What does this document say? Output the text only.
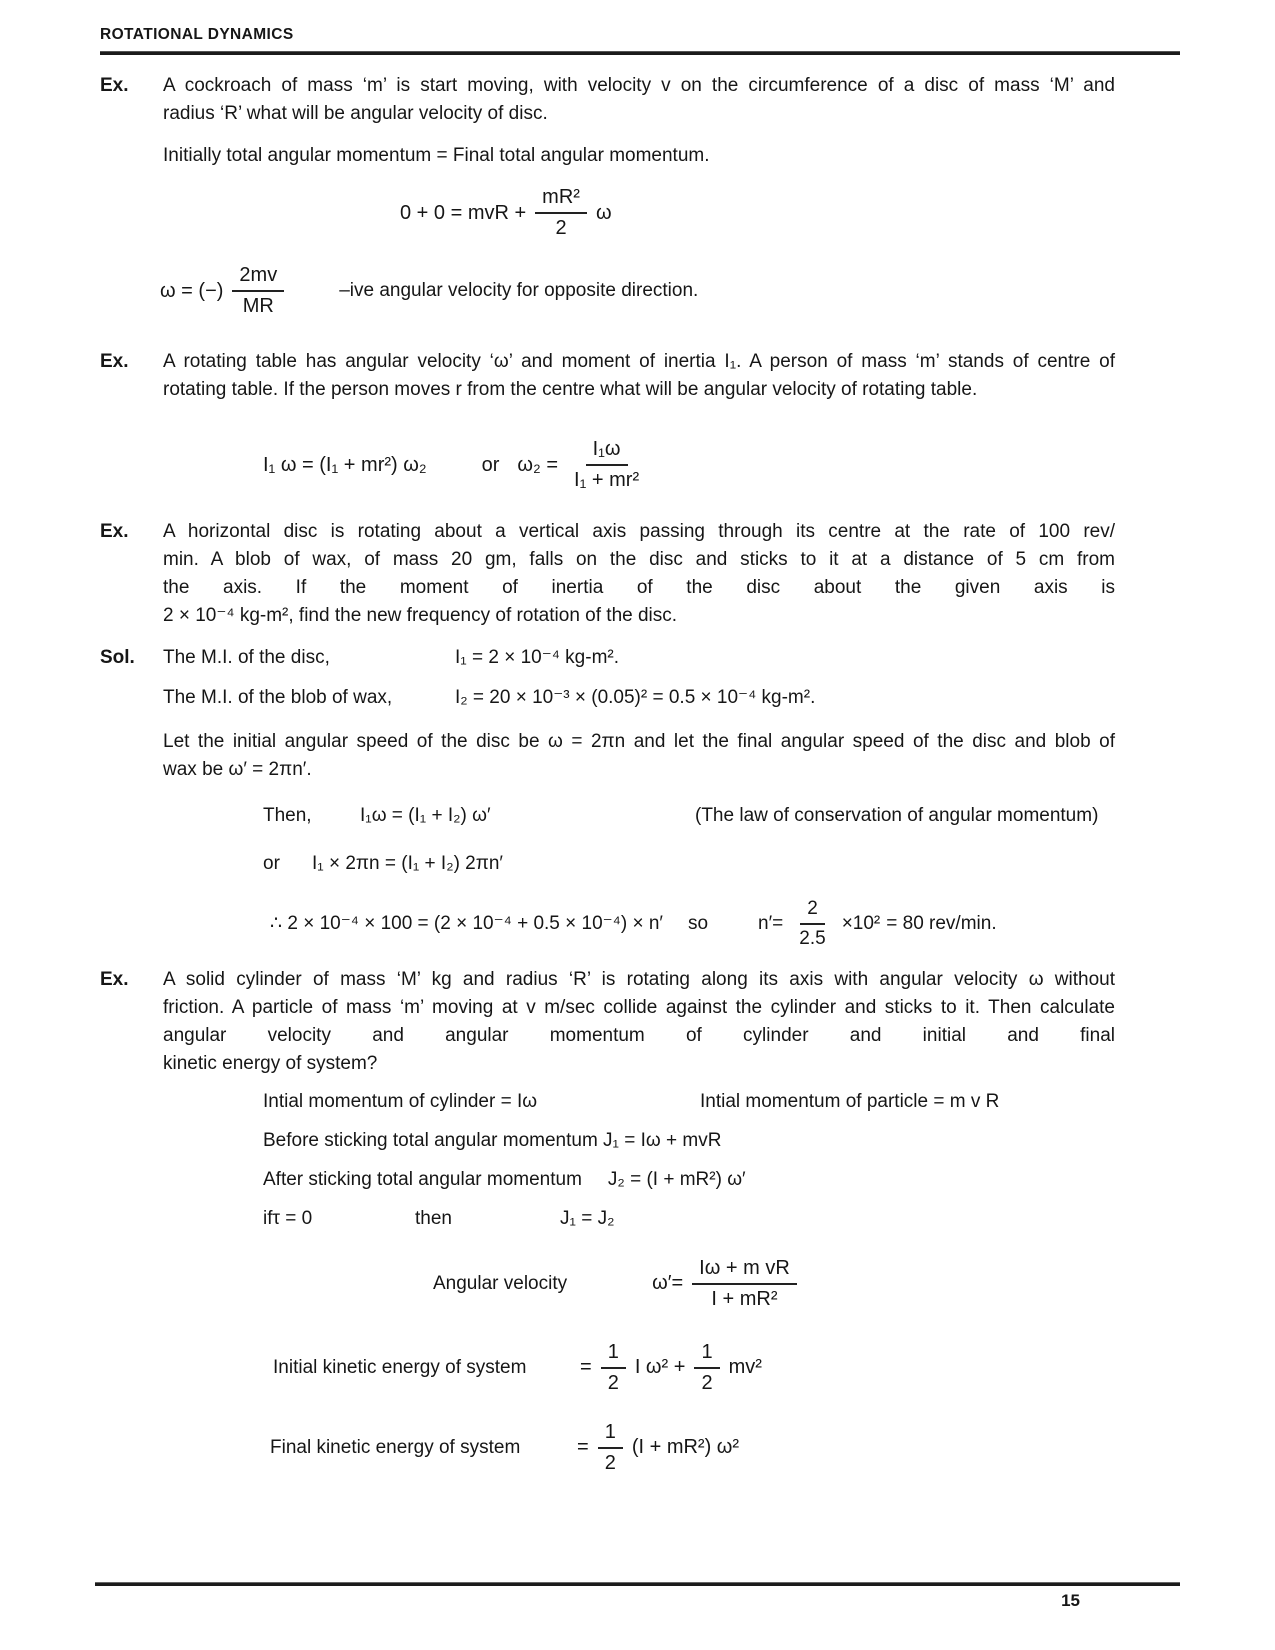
ROTATIONAL DYNAMICS
Ex.	A cockroach of mass ‘m’ is start moving, with velocity v on the circumference of a disc of mass ‘M’ and
radius ‘R’ what will be angular velocity of disc.
Initially total angular momentum = Final total angular momentum.
0 + 0 = mvR + $\frac{\text{mR²}}{2}$ ω
ω = (−) $\frac{2mv}{MR}$	–ive angular velocity for opposite direction.
Ex.	A rotating table has angular velocity ‘ω’ and moment of inertia I₁. A person of mass ‘m’ stands of centre of
rotating table. If the person moves r from the centre what will be angular velocity of rotating table.
I₁ ω = (I₁ + mr²) ω₂	or $\omega_2 = \frac{\text{I₁ω}}{\text{I₁ + mr²}}$
Ex.	A horizontal disc is rotating about a vertical axis passing through its centre at the rate of 100 rev/
min. A blob of wax, of mass 20 gm, falls on the disc and sticks to it at a distance of 5 cm from
the axis. If the moment of inertia of the disc about the given axis is
2 × 10⁻⁴ kg-m², find the new frequency of rotation of the disc.
Sol.	The M.I. of the disc,	I₁ = 2 × 10⁻⁴ kg-m².
The M.I. of the blob of wax,	I₂ = 20 × 10⁻³ × (0.05)² = 0.5 × 10⁻⁴ kg-m².
Let the initial angular speed of the disc be ω = 2πn and let the final angular speed of the disc and blob of
wax be ω′ = 2πn′.
Then,	I₁ω = (I₁ + I₂) ω′	(The law of conservation of angular momentum)
or	I₁ × 2πn = (I₁ + I₂) 2πn′
∴ 2 × 10⁻⁴ × 100 = (2 × 10⁻⁴ + 0.5 × 10⁻⁴) × n′ so	$n'= \frac{2}{2.5} \times 10^2 = 80$ rev/min.
Ex.	A solid cylinder of mass ‘M’ kg and radius ‘R’ is rotating along its axis with angular velocity ω without
friction. A particle of mass ‘m’ moving at v m/sec collide against the cylinder and sticks to it. Then calculate
angular velocity and angular momentum of cylinder and initial and final
kinetic energy of system?
Intial momentum of cylinder = Iω	Intial momentum of particle = m v R
Before sticking total angular momentum J₁ = Iω + mvR
After sticking total angular momentum J₂ = (I + mR²) ω′
ifτ = 0	then	J₁ = J₂
Angular velocity	$\omega'= \frac{\text{Iω + m vR}}{\text{I + mR²}}$
Initial kinetic energy of system	= $\frac{1}{2}$ I $\omega^2 + \frac{1}{2} mv^2$
Final kinetic energy of system	= $\frac{1}{2} (I + mR^2)$ ω²
15
